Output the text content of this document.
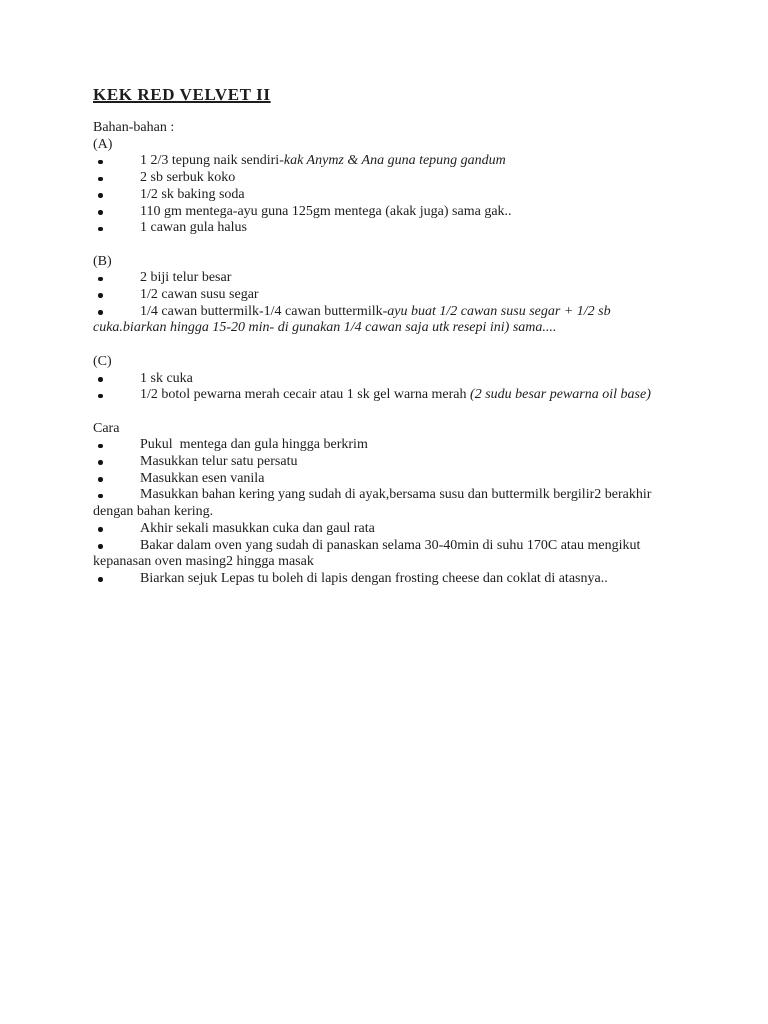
KEK RED VELVET II
Bahan-bahan :
(A)
1 2/3 tepung naik sendiri-kak Anymz & Ana guna tepung gandum
2 sb serbuk koko
1/2 sk baking soda
110 gm mentega-ayu guna 125gm mentega (akak juga) sama gak..
1 cawan gula halus
(B)
2 biji telur besar
1/2 cawan susu segar
1/4 cawan buttermilk-1/4 cawan buttermilk-ayu buat 1/2 cawan susu segar + 1/2 sb cuka.biarkan hingga 15-20 min- di gunakan 1/4 cawan saja utk resepi ini) sama....
(C)
1 sk cuka
1/2 botol pewarna merah cecair atau 1 sk gel warna merah (2 sudu besar pewarna oil base)
Cara
Pukul  mentega dan gula hingga berkrim
Masukkan telur satu persatu
Masukkan esen vanila
Masukkan bahan kering yang sudah di ayak,bersama susu dan buttermilk bergilir2 berakhir dengan bahan kering.
Akhir sekali masukkan cuka dan gaul rata
Bakar dalam oven yang sudah di panaskan selama 30-40min di suhu 170C atau mengikut kepanasan oven masing2 hingga masak
Biarkan sejuk Lepas tu boleh di lapis dengan frosting cheese dan coklat di atasnya..
